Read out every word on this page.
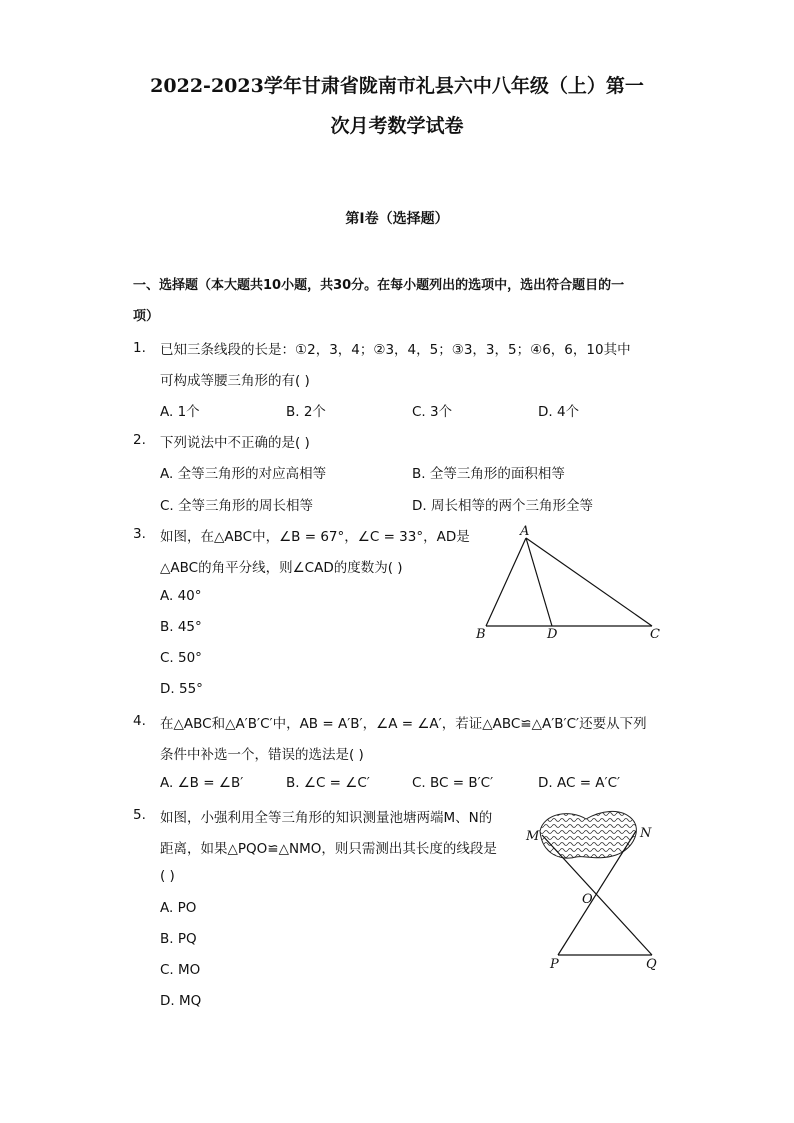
2022-2023学年甘肃省陇南市礼县六中八年级（上）第一
次月考数学试卷
第I卷（选择题）
一、选择题（本大题共10小题，共30分。在每小题列出的选项中，选出符合题目的一
项）
1. 已知三条线段的长是：①2，3，4；②3，4，5；③3，3，5；④6，6，10其中
可构成等腰三角形的有( )
A. 1个	B. 2个	C. 3个	D. 4个
2. 下列说法中不正确的是( )
A. 全等三角形的对应高相等	B. 全等三角形的面积相等
C. 全等三角形的周长相等	D. 周长相等的两个三角形全等
3. 如图，在△ABC中，∠B = 67°，∠C = 33°，AD是
△ABC的角平分线，则∠CAD的度数为( )
A. 40°
B. 45°
C. 50°
D. 55°
A
B	D	C
4. 在△ABC和△A′B′C′中，AB = A′B′，∠A = ∠A′，若证△ABC≌△A′B′C′还要从下列
条件中补选一个，错误的选法是( )
A. ∠B = ∠B′	B. ∠C = ∠C′	C. BC = B′C′	D. AC = A′C′
5. 如图，小强利用全等三角形的知识测量池塘两端M、N的
距离，如果△PQO≌△NMO，则只需测出其长度的线段是
( )
A. PO
B. PQ
C. MO
D. MQ
M	N
O
P	Q
